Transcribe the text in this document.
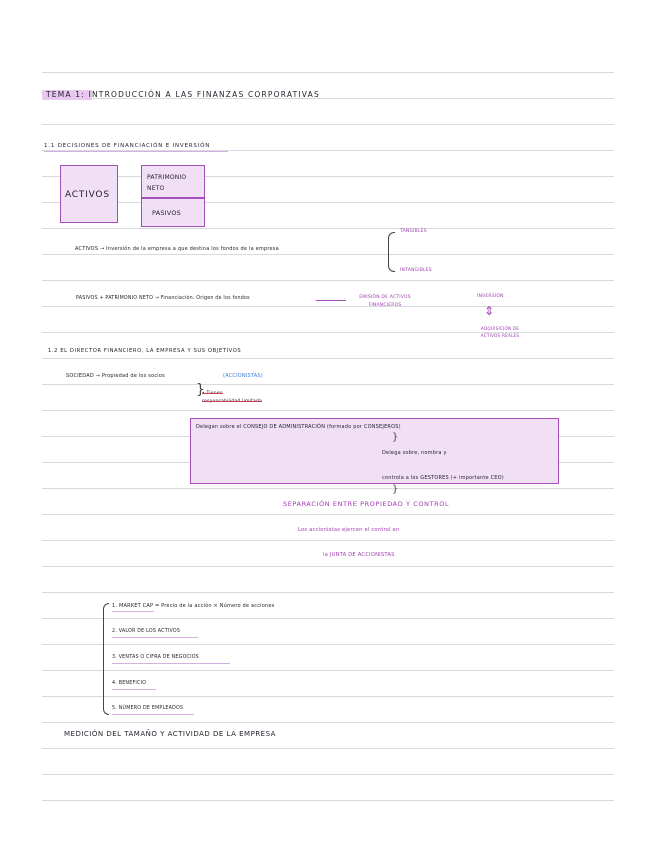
TEMA 1: INTRODUCCIÓN A LAS FINANZAS CORPORATIVAS
1.1 DECISIONES DE FINANCIACIÓN E INVERSIÓN
ACTIVOS
PATRIMONIO NETO
PASIVOS
ACTIVOS → Inversión de la empresa a que destina los fondos de la empresa
TANGIBLES
INTANGIBLES
PASIVOS + PATRIMONIO NETO → Financiación. Origen de los fondos	EMISIÓN DE ACTIVOS FINANCIEROS
INVERSIÓN
⇕
ADQUISICIÓN DE ACTIVOS REALES
1.2 EL DIRECTOR FINANCIERO, LA EMPRESA Y SUS OBJETIVOS
SOCIEDAD → Propiedad de los socios	(ACCIONISTAS)
}
• Tienen responsabilidad limitada
Delegan sobre el CONSEJO DE ADMINISTRACIÓN (formado por CONSEJEROS)
}
Delega sobre, nombra y
controla a los GESTORES (+ importante CEO)
}
SEPARACIÓN ENTRE PROPIEDAD Y CONTROL
Los accionistas ejercen el control en
la JUNTA DE ACCIONISTAS
1. MARKET CAP = Precio de la acción × Número de acciones
2. VALOR DE LOS ACTIVOS
3. VENTAS O CIFRA DE NEGOCIOS
4. BENEFICIO
5. NÚMERO DE EMPLEADOS
MEDICIÓN DEL TAMAÑO Y ACTIVIDAD DE LA EMPRESA
